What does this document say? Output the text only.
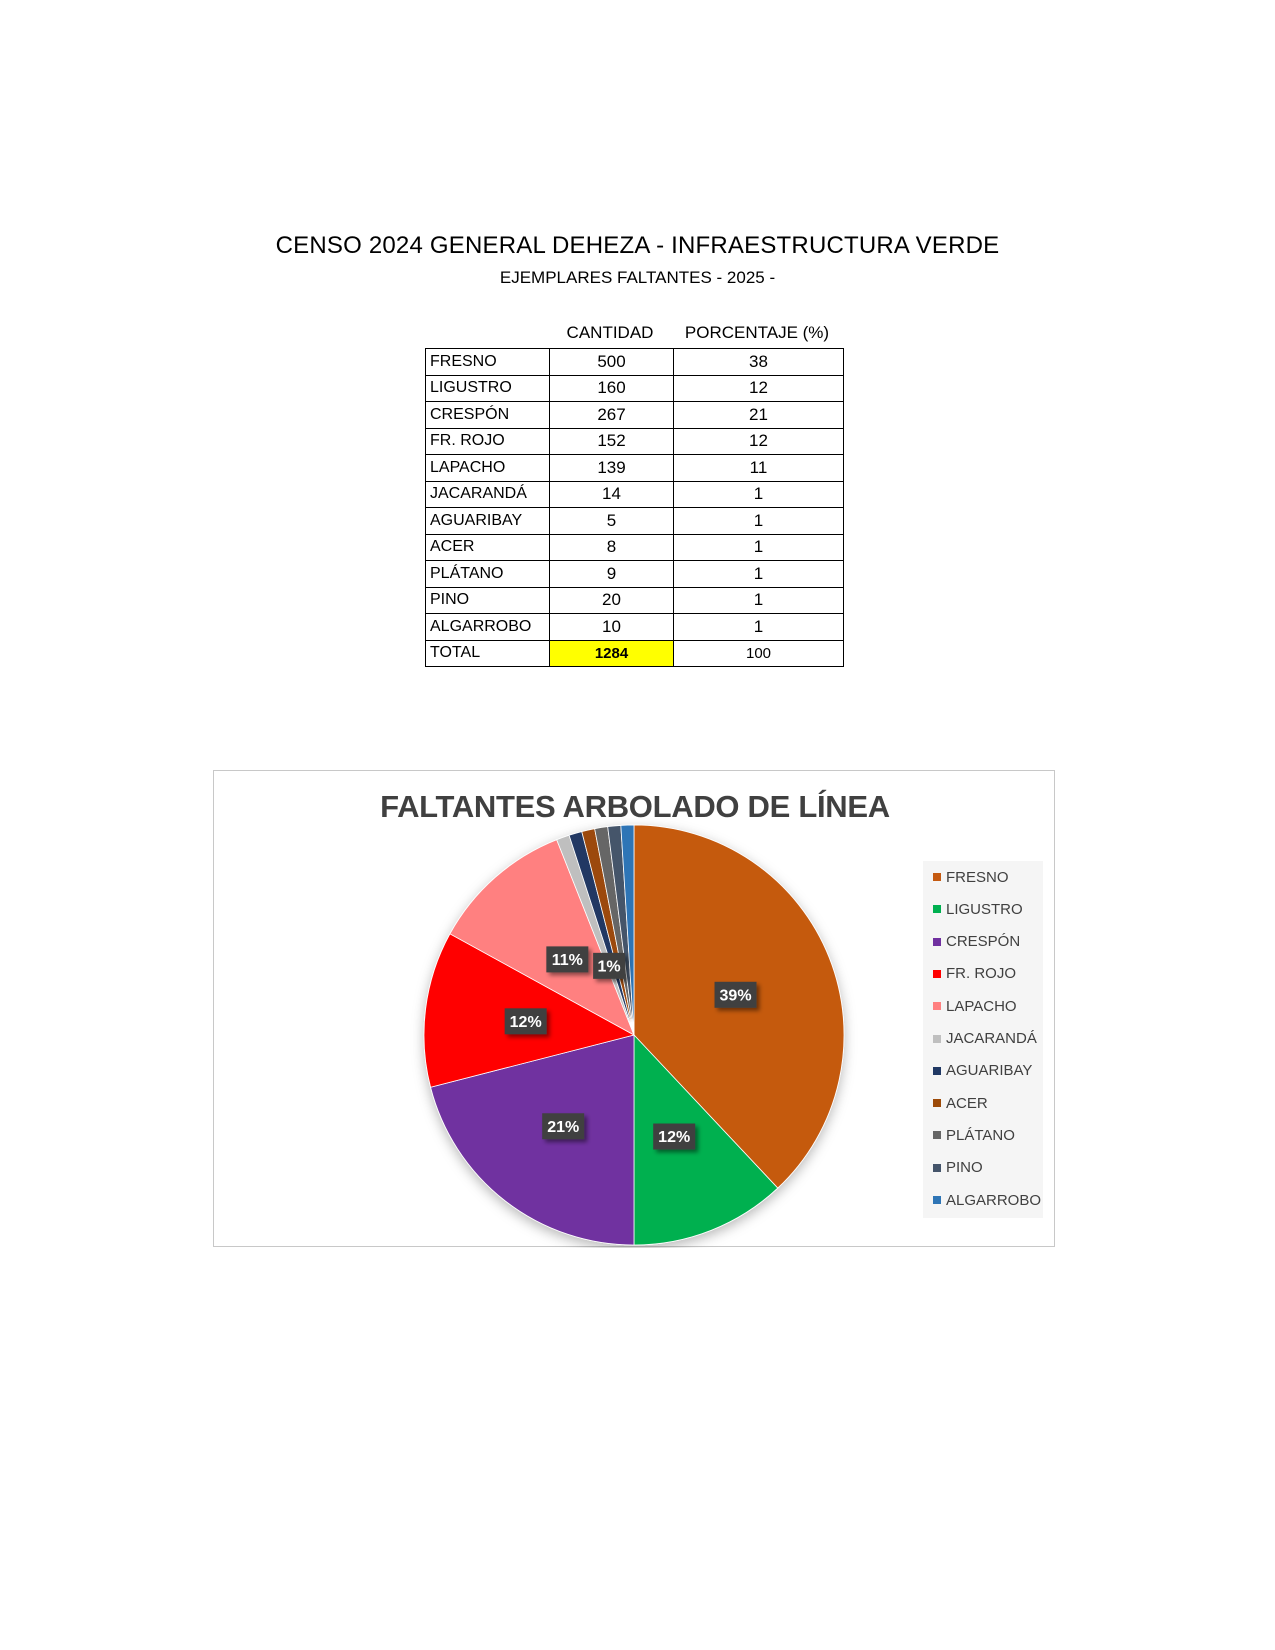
CENSO 2024 GENERAL DEHEZA - INFRAESTRUCTURA VERDE
EJEMPLARES FALTANTES - 2025 -
CANTIDAD	PORCENTAJE (%)
FRESNO	500	38
LIGUSTRO	160	12
CRESPÓN	267	21
FR. ROJO	152	12
LAPACHO	139	11
JACARANDÁ	14	1
AGUARIBAY	5	1
ACER	8	1
PLÁTANO	9	1
PINO	20	1
ALGARROBO	10	1
TOTAL	1284	100
FALTANTES ARBOLADO DE LÍNEA
39%
12%
21%
12%
11% 1%
FRESNO
LIGUSTRO
CRESPÓN
FR. ROJO
LAPACHO
JACARANDÁ
AGUARIBAY
ACER
PLÁTANO
PINO
ALGARROBO
